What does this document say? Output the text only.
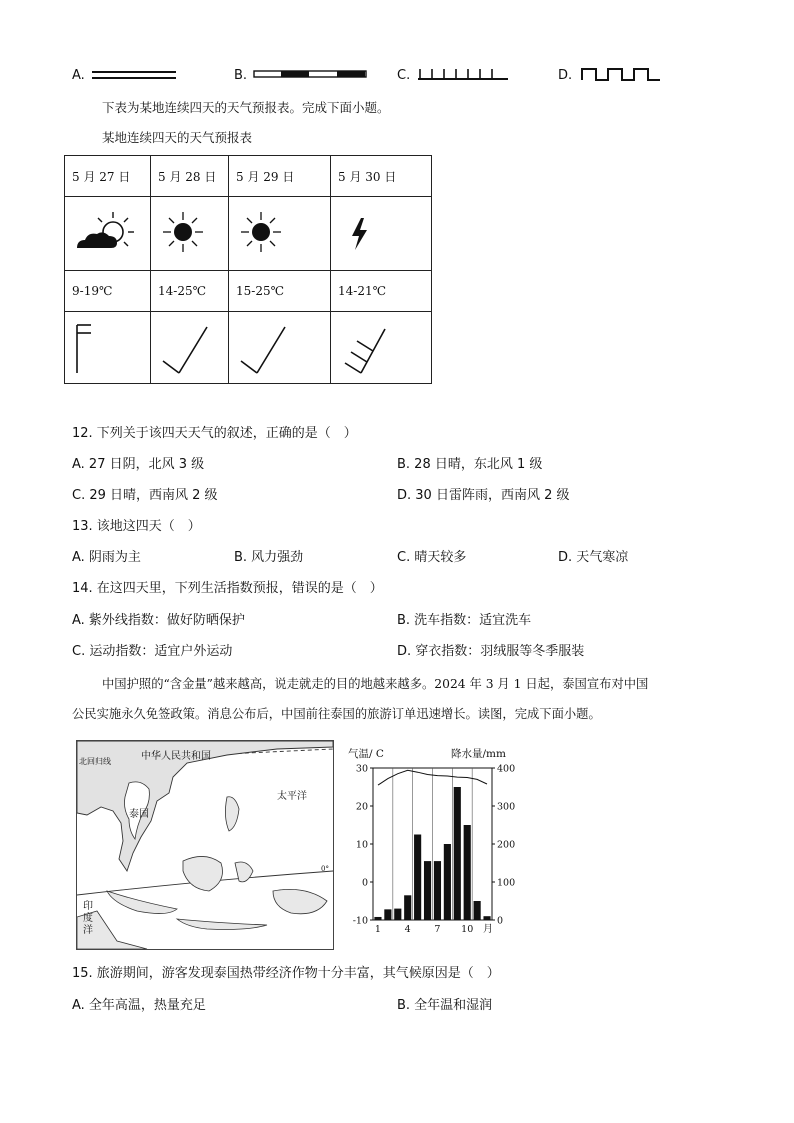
A.	B.	C.	D.
下表为某地连续四天的天气预报表。完成下面小题。
某地连续四天的天气预报表
5 月 27 日	5 月 28 日	5 月 29 日	5 月 30 日

9-19℃	14-25℃	15-25℃	14-21℃

12. 下列关于该四天天气的叙述，正确的是（　）
A. 27 日阴，北风 3 级	B. 28 日晴，东北风 1 级
C. 29 日晴，西南风 2 级	D. 30 日雷阵雨，西南风 2 级
13. 该地这四天（　）
A. 阴雨为主	B. 风力强劲	C. 晴天较多	D. 天气寒凉
14. 在这四天里，下列生活指数预报，错误的是（　）
A. 紫外线指数：做好防晒保护	B. 洗车指数：适宜洗车
C. 运动指数：适宜户外运动	D. 穿衣指数：羽绒服等冬季服装
中国护照的“含金量”越来越高，说走就走的目的地越来越多。2024 年 3 月 1 日起，泰国宣布对中国
公民实施永久免签政策。消息公布后，中国前往泰国的旅游订单迅速增长。读图，完成下面小题。
中华人民共和国
北回归线
泰国
太平洋
0°
印
度
洋
气温/ C	降水量/mm
30
20
10
0
-10
400
300
200
100
0
1 4 7 10 月
15. 旅游期间，游客发现泰国热带经济作物十分丰富，其气候原因是（　）
A. 全年高温，热量充足	B. 全年温和湿润
